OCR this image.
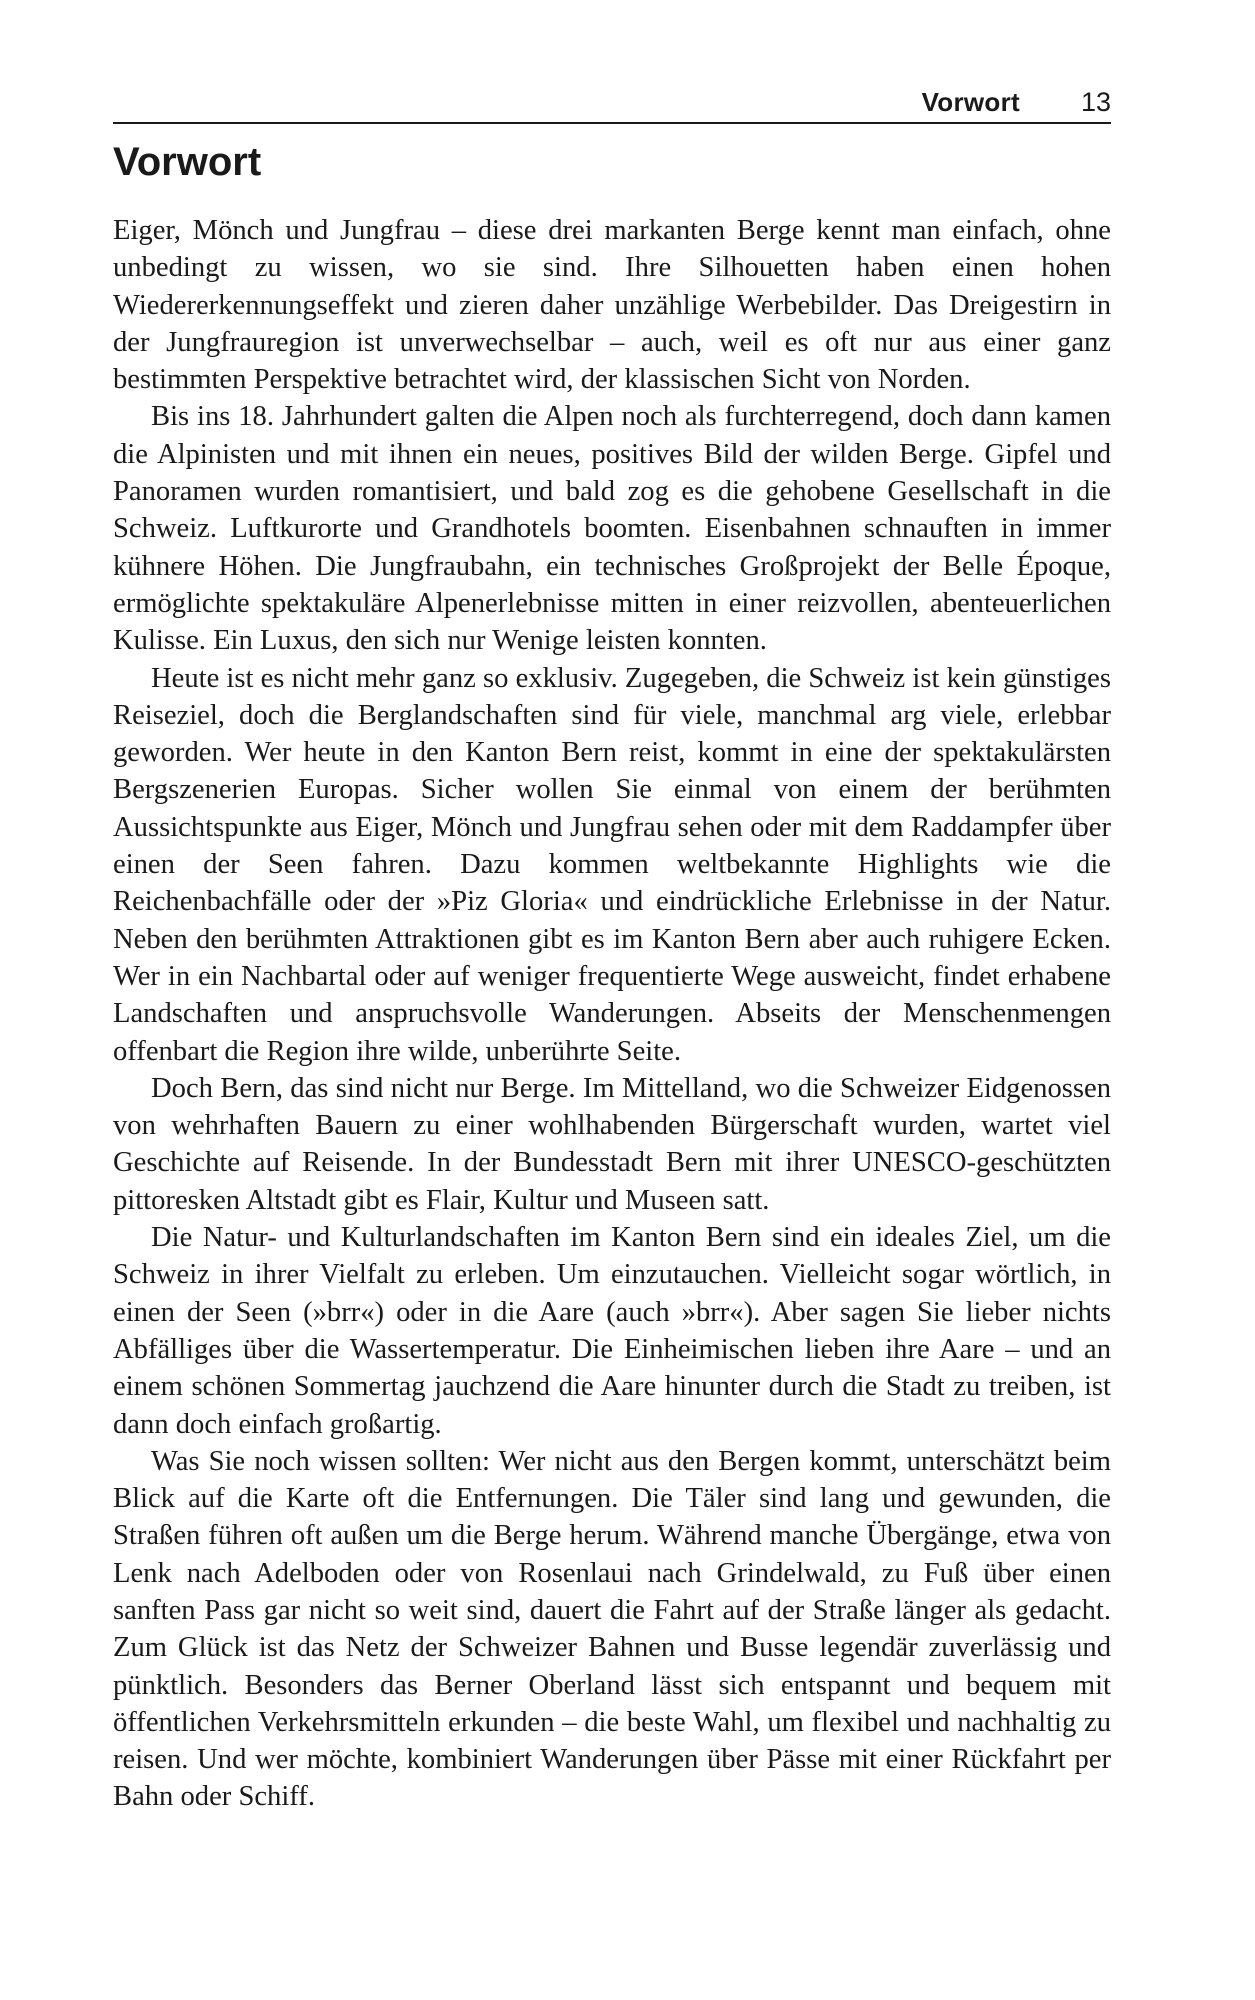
Vorwort 13
Vorwort

Eiger, Mönch und Jungfrau – diese drei markanten Berge kennt man einfach, ohne unbedingt zu wissen, wo sie sind. Ihre Silhouetten haben einen hohen Wiedererkennungseffekt und zieren daher unzählige Werbebilder. Das Dreigestirn in der Jungfrauregion ist unverwechselbar – auch, weil es oft nur aus einer ganz bestimmten Perspektive betrachtet wird, der klassischen Sicht von Norden.

Bis ins 18. Jahrhundert galten die Alpen noch als furchterregend, doch dann kamen die Alpinisten und mit ihnen ein neues, positives Bild der wilden Berge. Gipfel und Panoramen wurden romantisiert, und bald zog es die gehobene Gesellschaft in die Schweiz. Luftkurorte und Grandhotels boomten. Eisenbahnen schnauften in immer kühnere Höhen. Die Jungfraubahn, ein technisches Großprojekt der Belle Époque, ermöglichte spektakuläre Alpenerlebnisse mitten in einer reizvollen, abenteuerlichen Kulisse. Ein Luxus, den sich nur Wenige leisten konnten.

Heute ist es nicht mehr ganz so exklusiv. Zugegeben, die Schweiz ist kein günstiges Reiseziel, doch die Berglandschaften sind für viele, manchmal arg viele, erlebbar geworden. Wer heute in den Kanton Bern reist, kommt in eine der spektakulärsten Bergszenerien Europas. Sicher wollen Sie einmal von einem der berühmten Aussichtspunkte aus Eiger, Mönch und Jungfrau sehen oder mit dem Raddampfer über einen der Seen fahren. Dazu kommen weltbekannte Highlights wie die Reichenbachfälle oder der »Piz Gloria« und eindrückliche Erlebnisse in der Natur. Neben den berühmten Attraktionen gibt es im Kanton Bern aber auch ruhigere Ecken. Wer in ein Nachbartal oder auf weniger frequentierte Wege ausweicht, findet erhabene Landschaften und anspruchsvolle Wanderungen. Abseits der Menschenmengen offenbart die Region ihre wilde, unberührte Seite.

Doch Bern, das sind nicht nur Berge. Im Mittelland, wo die Schweizer Eidgenossen von wehrhaften Bauern zu einer wohlhabenden Bürgerschaft wurden, wartet viel Geschichte auf Reisende. In der Bundesstadt Bern mit ihrer UNESCO-geschützten pittoresken Altstadt gibt es Flair, Kultur und Museen satt.

Die Natur- und Kulturlandschaften im Kanton Bern sind ein ideales Ziel, um die Schweiz in ihrer Vielfalt zu erleben. Um einzutauchen. Vielleicht sogar wörtlich, in einen der Seen (»brr«) oder in die Aare (auch »brr«). Aber sagen Sie lieber nichts Abfälliges über die Wassertemperatur. Die Einheimischen lieben ihre Aare – und an einem schönen Sommertag jauchzend die Aare hinunter durch die Stadt zu treiben, ist dann doch einfach großartig.

Was Sie noch wissen sollten: Wer nicht aus den Bergen kommt, unterschätzt beim Blick auf die Karte oft die Entfernungen. Die Täler sind lang und gewunden, die Straßen führen oft außen um die Berge herum. Während manche Übergänge, etwa von Lenk nach Adelboden oder von Rosenlaui nach Grindelwald, zu Fuß über einen sanften Pass gar nicht so weit sind, dauert die Fahrt auf der Straße länger als gedacht. Zum Glück ist das Netz der Schweizer Bahnen und Busse legendär zuverlässig und pünktlich. Besonders das Berner Oberland lässt sich entspannt und bequem mit öffentlichen Verkehrsmitteln erkunden – die beste Wahl, um flexibel und nachhaltig zu reisen. Und wer möchte, kombiniert Wanderungen über Pässe mit einer Rückfahrt per Bahn oder Schiff.
